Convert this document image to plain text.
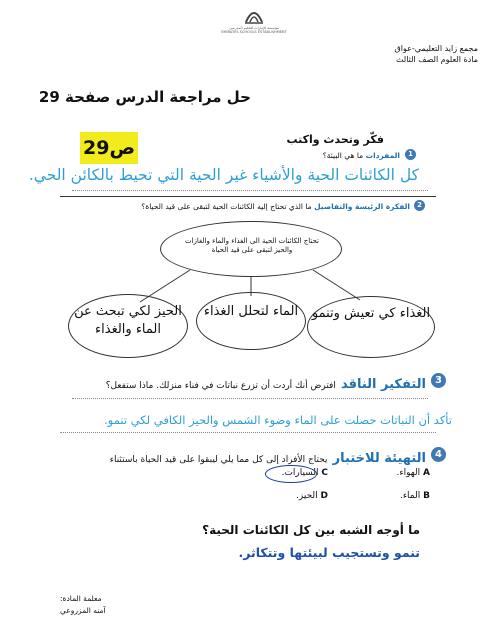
مؤسسة الإمارات للتعليم المدرسي
EMIRATES SCHOOLS ESTABLISHMENT
مجمع زايد التعليمي-عواق
مادة العلوم الصف الثالث
حل مراجعة الدرس صفحة 29
ص29	فكّر وتحدث واكتب
1
المفردات ما هي البيئة؟
كل الكائنات الحية والأشياء غير الحية التي تحيط بالكائن الحي.
2
الفكرة الرئيسة والتفاصيل ما الذي تحتاج إليه الكائنات الحية لتبقى على قيد الحياة؟
تحتاج الكائنات الحية الى الغذاء والماء والغازات والحيز لتبقى على قيد الحياة
الغذاء كي تعيش وتنمو
الماء لتحلل الغذاء
الحيز لكي تبحث عن الماء والغذاء
3
التفكير الناقد افترض أنك أردت أن تزرع نباتات في فناء منزلك. ماذا ستفعل؟
تأكد أن النباتات حصلت على الماء وضوء الشمس والحيز الكافي لكي تنمو.
4
التهيئة للاختبار يحتاج الأفراد إلى كل مما يلي ليبقوا على قيد الحياة باستثناء
A الهواء.
B الماء.
C السيارات.
D الحيز.
ما أوجه الشبه بين كل الكائنات الحية؟
تنمو وتستجيب لبيئتها وتتكاثر.
معلمة المادة:
آمنه المزروعي
